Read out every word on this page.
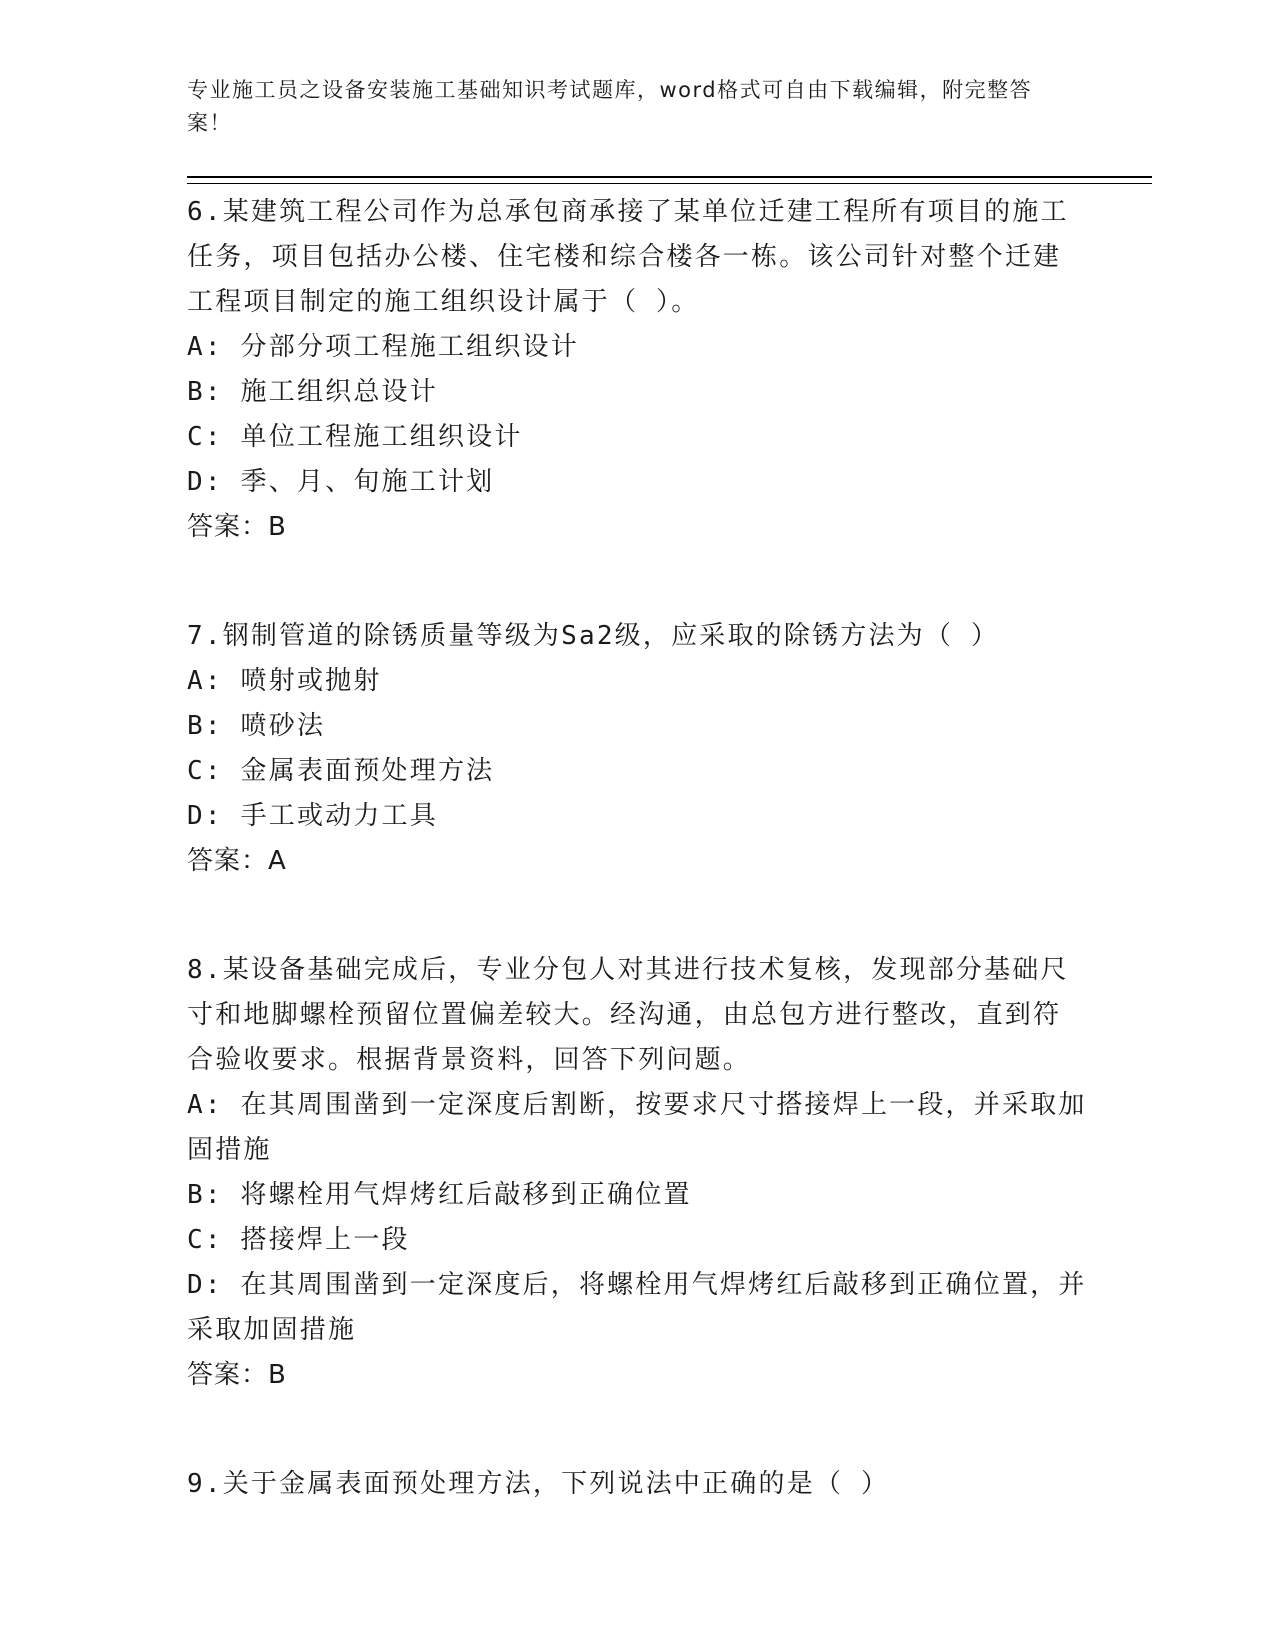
专业施工员之设备安装施工基础知识考试题库，word格式可自由下载编辑，附完整答案！

6.某建筑工程公司作为总承包商承接了某单位迁建工程所有项目的施工任务，项目包括办公楼、住宅楼和综合楼各一栋。该公司针对整个迁建工程项目制定的施工组织设计属于（ ）。

A: 分部分项工程施工组织设计

B: 施工组织总设计

C: 单位工程施工组织设计

D: 季、月、旬施工计划

答案：B

7.钢制管道的除锈质量等级为Sa2级，应采取的除锈方法为（ ）

A: 喷射或抛射

B: 喷砂法

C: 金属表面预处理方法

D: 手工或动力工具

答案：A

8.某设备基础完成后，专业分包人对其进行技术复核，发现部分基础尺寸和地脚螺栓预留位置偏差较大。经沟通，由总包方进行整改，直到符合验收要求。根据背景资料，回答下列问题。

A: 在其周围凿到一定深度后割断，按要求尺寸搭接焊上一段，并采取加固措施

B: 将螺栓用气焊烤红后敲移到正确位置

C: 搭接焊上一段

D: 在其周围凿到一定深度后，将螺栓用气焊烤红后敲移到正确位置，并采取加固措施

答案：B

9.关于金属表面预处理方法，下列说法中正确的是（ ）
